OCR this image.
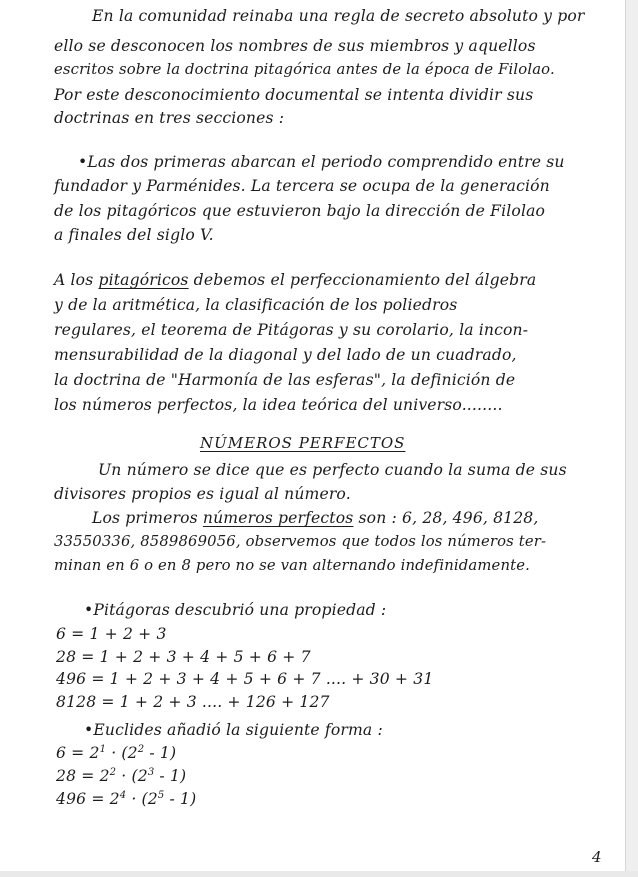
En la comunidad reinaba una regla de secreto absoluto y por
ello se desconocen los nombres de sus miembros y aquellos
escritos sobre la doctrina pitagórica antes de la época de Filolao.
Por este desconocimiento documental se intenta dividir sus
doctrinas en tres secciones :
•Las dos primeras abarcan el periodo comprendido entre su
fundador y Parménides. La tercera se ocupa de la generación
de los pitagóricos que estuvieron bajo la dirección de Filolao
a finales del siglo V.
A los pitagóricos debemos el perfeccionamiento del álgebra
y de la aritmética, la clasificación de los poliedros
regulares, el teorema de Pitágoras y su corolario, la incon-
mensurabilidad de la diagonal y del lado de un cuadrado,
la doctrina de "Harmonía de las esferas", la definición de
los números perfectos, la idea teórica del universo........
NÚMEROS PERFECTOS
Un número se dice que es perfecto cuando la suma de sus
divisores propios es igual al número.
Los primeros números perfectos son : 6, 28, 496, 8128,
33550336, 8589869056, observemos que todos los números ter-
minan en 6 o en 8 pero no se van alternando indefinidamente.
•Pitágoras descubrió una propiedad :
6 = 1 + 2 + 3
28 = 1 + 2 + 3 + 4 + 5 + 6 + 7
496 = 1 + 2 + 3 + 4 + 5 + 6 + 7 .... + 30 + 31
8128 = 1 + 2 + 3 .... + 126 + 127
•Euclides añadió la siguiente forma :
$6 = 2^1 \cdot (2^2 - 1)$
$28 = 2^2 \cdot (2^3 - 1)$
$496 = 2^4 \cdot (2^5 - 1)$
4
